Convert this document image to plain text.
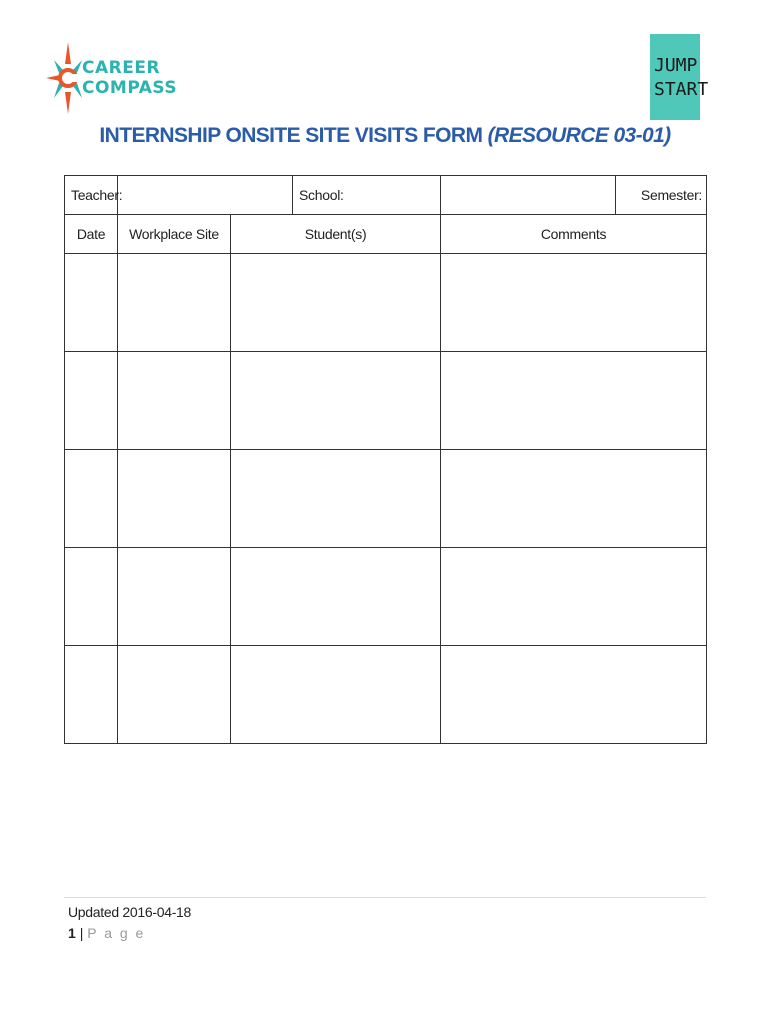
CAREER COMPASS
JUMP
START
INTERNSHIP ONSITE SITE VISITS FORM (RESOURCE 03-01)
Teacher:			School:		Semester:
Date	Workplace Site	Student(s)		Comments	

Updated 2016-04-18
1 | P a g e
